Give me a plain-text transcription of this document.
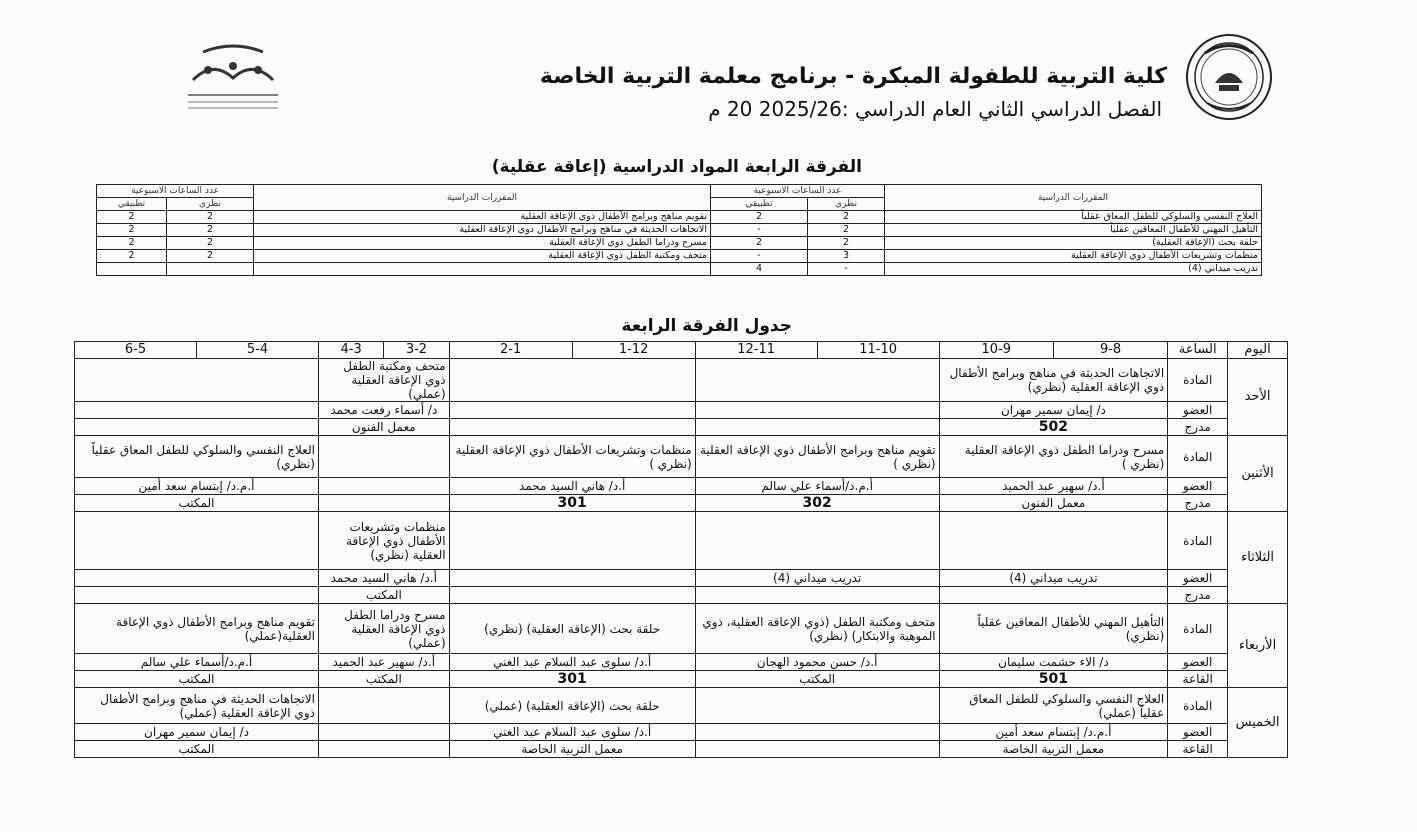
كلية التربية للطفولة المبكرة - برنامج معلمة التربية الخاصة
الفصل الدراسي الثاني العام الدراسي :2025/26 20 م
الفرقة الرابعة المواد الدراسية (إعاقة عقلية)
جدول الفرقة الرابعة
المقررات الدراسية	عدد الساعات الاسبوعية		المقررات الدراسية	عدد الساعات الاسبوعية	
	نظري	تطبيقي		نظري	تطبيقي
العلاج النفسي والسلوكي للطفل المعاق عقلياً	2	2	تقويم مناهج وبرامج الأطفال ذوي الإعاقة العقلية	2	2
التأهيل المهني للأطفال المعاقين عقلياً	2	-	الاتجاهات الحديثة في مناهج وبرامج الأطفال ذوي الإعاقة العقلية	2	2
حلقة بحث (الإعاقة العقلية)	2	2	مسرح ودراما الطفل ذوي الإعاقة العقلية	2	2
منظمات وتشريعات الأطفال ذوي الإعاقة العقلية	3	-	متحف ومكتبة الطفل ذوي الإعاقة العقلية	2	2
تدريب ميداني (4)	-	4			
اليوم	الساعة	9-8	10-9	11-10	12-11	1-12	2-1	3-2	4-3	5-4	6-5
الأحد	المادة	الاتجاهات الحديثة في مناهج وبرامج الأطفال ذوي الإعاقة العقلية (نظري)						متحف ومكتبة الطفل ذوي الإعاقة العقلية (عملي)			
	العضو	د/ إيمان سمير مهران						د/ أسماء رفعت محمد			
	مدرج	502						معمل الفنون			
الأثنين	المادة	مسرح ودراما الطفل ذوي الإعاقة العقلية (نظري )		تقويم مناهج وبرامج الأطفال ذوي الإعاقة العقلية (نظري )		منظمات وتشريعات الأطفال ذوي الإعاقة العقلية (نظري )				العلاج النفسي والسلوكي للطفل المعاق عقلياً (نظري)	
	العضو	أ.د/ سهير عبد الحميد		أ.م.د/أسماء علي سالم		أ.د/ هاني السيد محمد				أ.م.د/ إبتسام سعد أمين	
	مدرج	معمل الفنون		302		301				المكتب	
الثلاثاء	المادة							منظمات وتشريعات الأطفال ذوي الإعاقة العقلية (نظري)			
	العضو	تدريب ميداني (4)		تدريب ميداني (4)				أ.د/ هاني السيد محمد			
	مدرج							المكتب			
الأربعاء	المادة	التأهيل المهني للأطفال المعاقين عقلياً (نظري)		متحف ومكتبة الطفل (ذوي الإعاقة العقلية، ذوي الموهبة والابتكار) (نظري)		حلقة بحث (الإعاقة العقلية) (نظري)		مسرح ودراما الطفل ذوي الإعاقة العقلية (عملي)		تقويم مناهج وبرامج الأطفال ذوي الإعاقة العقلية(عملي)	
	العضو	د/ الاء حشمت سليمان		أ.د/ حسن محمود الهجان		أ.د/ سلوى عبد السلام عبد الغني		أ.د/ سهير عبد الحميد		أ.م.د/أسماء علي سالم	
	القاعة	501		المكتب		301		المكتب		المكتب	
الخميس	المادة	العلاج النفسي والسلوكي للطفل المعاق عقلياً (عملي)				حلقة بحث (الإعاقة العقلية) (عملي)				الاتجاهات الحديثة في مناهج وبرامج الأطفال ذوي الإعاقة العقلية (عملي)	
	العضو	أ.م.د/ إبتسام سعد أمين				أ.د/ سلوى عبد السلام عبد الغني				د/ إيمان سمير مهران	
	القاعة	معمل التربية الخاصة				معمل التربية الخاصة				المكتب	
